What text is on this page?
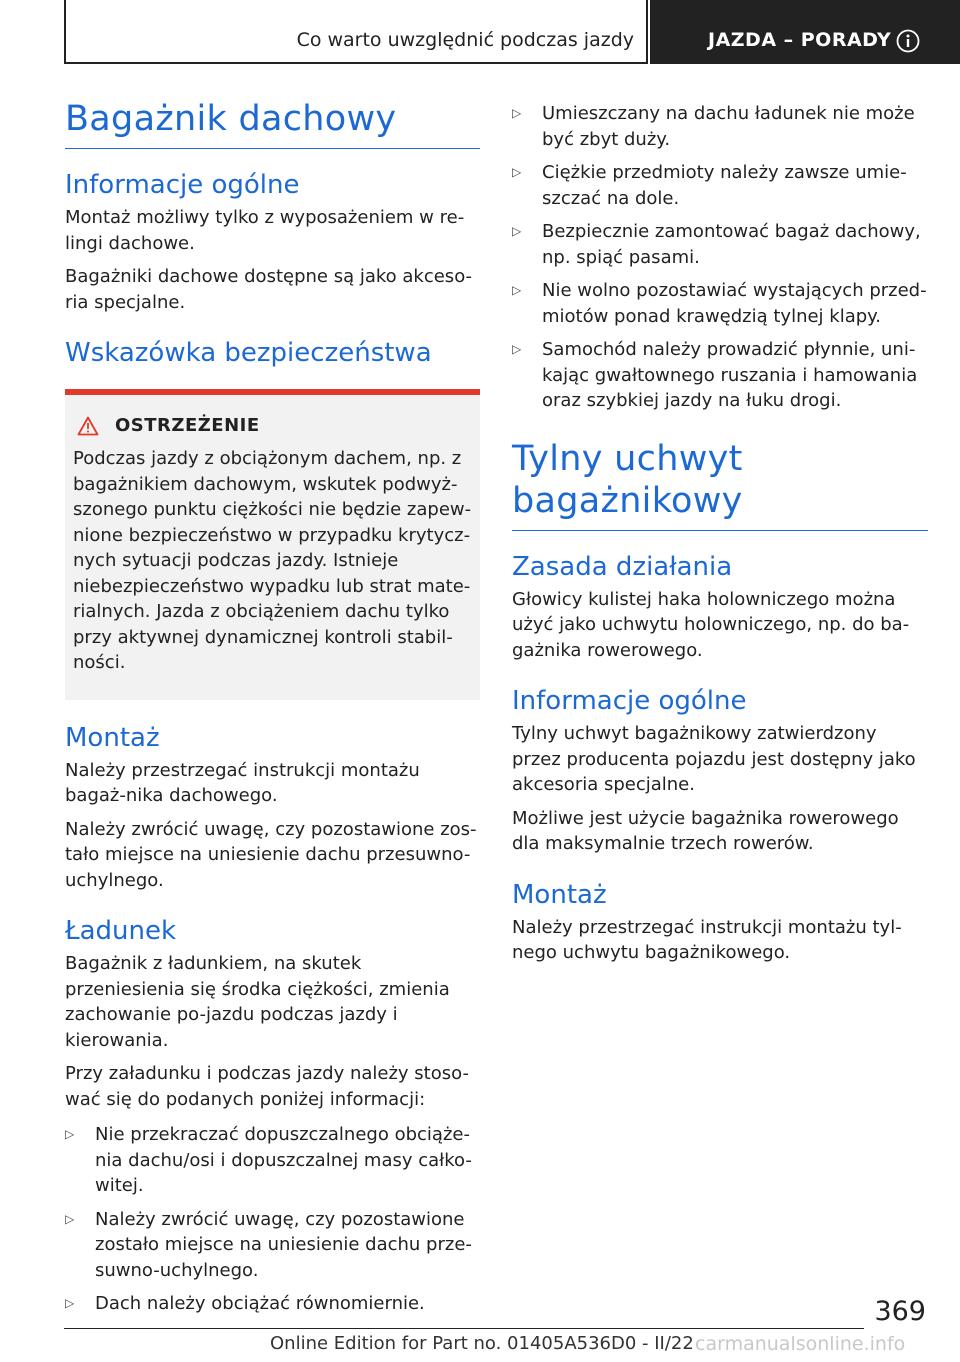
Co warto uwzględnić podczas jazdy	JAZDA – PORADY
Bagażnik dachowy
Informacje ogólne

Montaż możliwy tylko z wyposażeniem w re-lingi dachowe.

Bagażniki dachowe dostępne są jako akceso-ria specjalne.

Wskazówka bezpieczeństwa
OSTRZEŻENIE

Podczas jazdy z obciążonym dachem, np. z bagażnikiem dachowym, wskutek podwyż-szonego punktu ciężkości nie będzie zapew-nione bezpieczeństwo w przypadku krytycz-nych sytuacji podczas jazdy. Istnieje niebezpieczeństwo wypadku lub strat mate-rialnych. Jazda z obciążeniem dachu tylko przy aktywnej dynamicznej kontroli stabil-ności.

Montaż

Należy przestrzegać instrukcji montażu bagaż-nika dachowego.

Należy zwrócić uwagę, czy pozostawione zos-tało miejsce na uniesienie dachu przesuwno-uchylnego.

Ładunek

Bagażnik z ładunkiem, na skutek przeniesienia się środka ciężkości, zmienia zachowanie po-jazdu podczas jazdy i kierowania.

Przy załadunku i podczas jazdy należy stoso-wać się do podanych poniżej informacji:

▷	Nie przekraczać dopuszczalnego obciąże-nia dachu/osi i dopuszczalnej masy całko-witej.
▷	Należy zwrócić uwagę, czy pozostawione zostało miejsce na uniesienie dachu prze-suwno-uchylnego.
▷	Dach należy obciążać równomiernie.
▷	Umieszczany na dachu ładunek nie może być zbyt duży.
▷	Ciężkie przedmioty należy zawsze umie-szczać na dole.
▷	Bezpiecznie zamontować bagaż dachowy, np. spiąć pasami.
▷	Nie wolno pozostawiać wystających przed-miotów ponad krawędzią tylnej klapy.
▷	Samochód należy prowadzić płynnie, uni-kając gwałtownego ruszania i hamowania oraz szybkiej jazdy na łuku drogi.
Tylny uchwyt bagażnikowy
Zasada działania

Głowicy kulistej haka holowniczego można użyć jako uchwytu holowniczego, np. do ba-gażnika rowerowego.

Informacje ogólne

Tylny uchwyt bagażnikowy zatwierdzony przez producenta pojazdu jest dostępny jako akcesoria specjalne.

Możliwe jest użycie bagażnika rowerowego dla maksymalnie trzech rowerów.

Montaż

Należy przestrzegać instrukcji montażu tyl-nego uchwytu bagażnikowego.

369
Online Edition for Part no. 01405A536D0 - II/22 carmanualsonline.info
